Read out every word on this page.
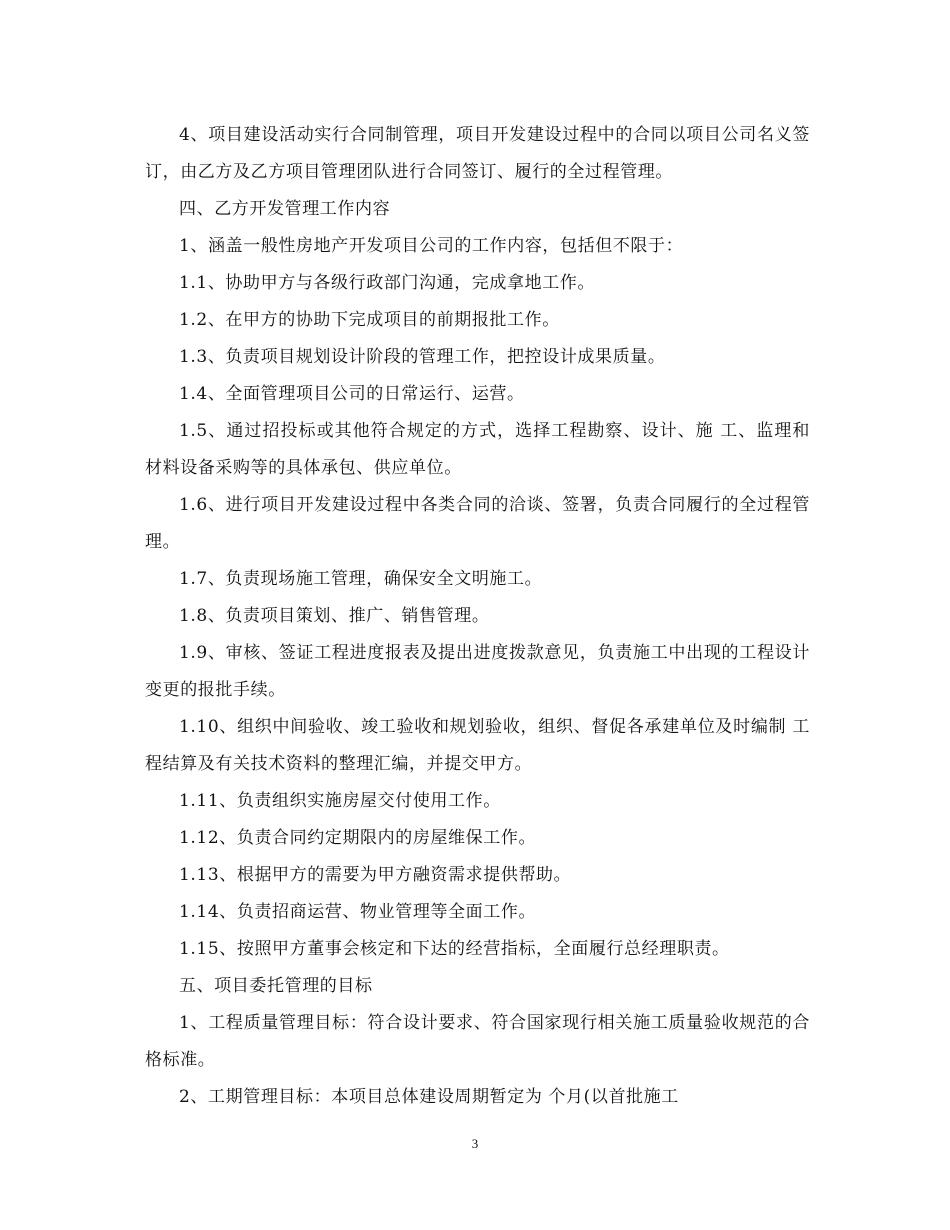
4、项目建设活动实行合同制管理，项目开发建设过程中的合同以项目公司名义签订，由乙方及乙方项目管理团队进行合同签订、履行的全过程管理。

四、乙方开发管理工作内容

1、涵盖一般性房地产开发项目公司的工作内容，包括但不限于：

1.1、协助甲方与各级行政部门沟通，完成拿地工作。

1.2、在甲方的协助下完成项目的前期报批工作。

1.3、负责项目规划设计阶段的管理工作，把控设计成果质量。

1.4、全面管理项目公司的日常运行、运营。

1.5、通过招投标或其他符合规定的方式，选择工程勘察、设计、施 工、监理和材料设备采购等的具体承包、供应单位。

1.6、进行项目开发建设过程中各类合同的洽谈、签署，负责合同履行的全过程管理。

1.7、负责现场施工管理，确保安全文明施工。

1.8、负责项目策划、推广、销售管理。

1.9、审核、签证工程进度报表及提出进度拨款意见，负责施工中出现的工程设计变更的报批手续。

1.10、组织中间验收、竣工验收和规划验收，组织、督促各承建单位及时编制 工程结算及有关技术资料的整理汇编，并提交甲方。

1.11、负责组织实施房屋交付使用工作。

1.12、负责合同约定期限内的房屋维保工作。

1.13、根据甲方的需要为甲方融资需求提供帮助。

1.14、负责招商运营、物业管理等全面工作。

1.15、按照甲方董事会核定和下达的经营指标，全面履行总经理职责。

五、项目委托管理的目标

1、工程质量管理目标：符合设计要求、符合国家现行相关施工质量验收规范的合格标准。

2、工期管理目标：本项目总体建设周期暂定为 个月(以首批施工

3
